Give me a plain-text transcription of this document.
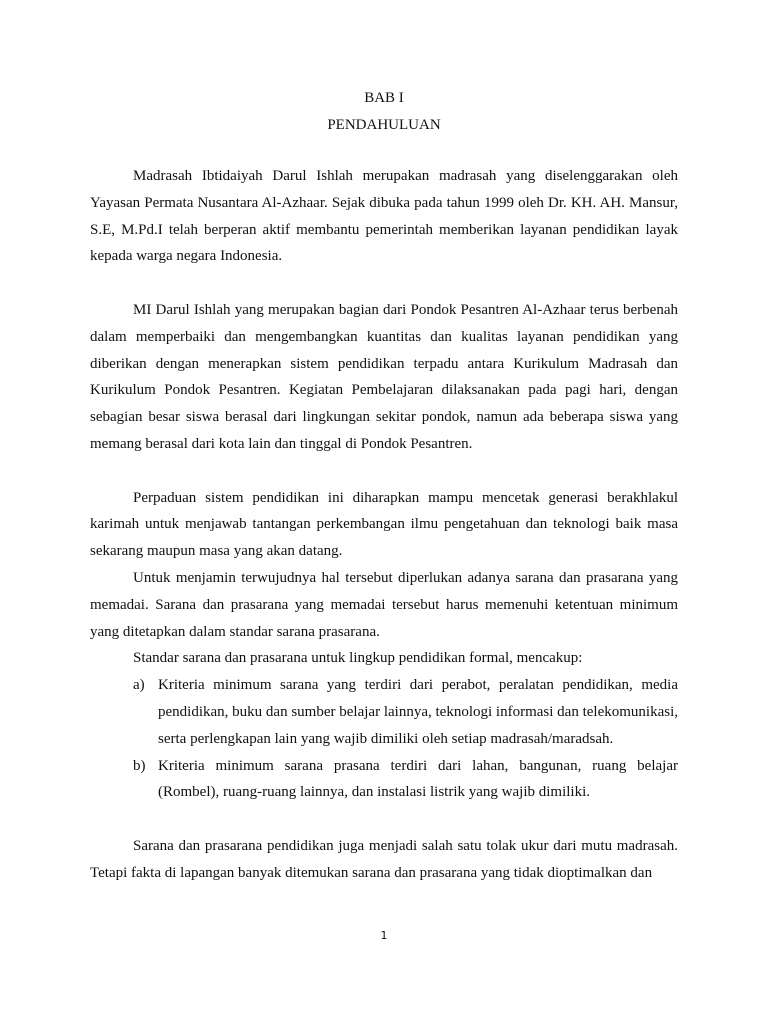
BAB I
PENDAHULUAN

Madrasah Ibtidaiyah Darul Ishlah merupakan madrasah yang diselenggarakan oleh Yayasan Permata Nusantara Al-Azhaar. Sejak dibuka pada tahun 1999 oleh Dr. KH. AH. Mansur, S.E, M.Pd.I telah berperan aktif membantu pemerintah memberikan layanan pendidikan layak kepada warga negara Indonesia.

MI Darul Ishlah yang merupakan bagian dari Pondok Pesantren Al-Azhaar terus berbenah dalam memperbaiki dan mengembangkan kuantitas dan kualitas layanan pendidikan yang diberikan dengan menerapkan sistem pendidikan terpadu antara Kurikulum Madrasah dan Kurikulum Pondok Pesantren. Kegiatan Pembelajaran dilaksanakan pada pagi hari, dengan sebagian besar siswa berasal dari lingkungan sekitar pondok, namun ada beberapa siswa yang memang berasal dari kota lain dan tinggal di Pondok Pesantren.

Perpaduan sistem pendidikan ini diharapkan mampu mencetak generasi berakhlakul karimah untuk menjawab tantangan perkembangan ilmu pengetahuan dan teknologi baik masa sekarang maupun masa yang akan datang.

Untuk menjamin terwujudnya hal tersebut diperlukan adanya sarana dan prasarana yang memadai. Sarana dan prasarana yang memadai tersebut harus memenuhi ketentuan minimum yang ditetapkan dalam standar sarana prasarana.

Standar sarana dan prasarana untuk lingkup pendidikan formal, mencakup:

a) Kriteria minimum sarana yang terdiri dari perabot, peralatan pendidikan, media pendidikan, buku dan sumber belajar lainnya, teknologi informasi dan telekomunikasi, serta perlengkapan lain yang wajib dimiliki oleh setiap madrasah/maradsah.
b) Kriteria minimum sarana prasana terdiri dari lahan, bangunan, ruang belajar (Rombel), ruang-ruang lainnya, dan instalasi listrik yang wajib dimiliki.

Sarana dan prasarana pendidikan juga menjadi salah satu tolak ukur dari mutu madrasah. Tetapi fakta di lapangan banyak ditemukan sarana dan prasarana yang tidak dioptimalkan dan

1
